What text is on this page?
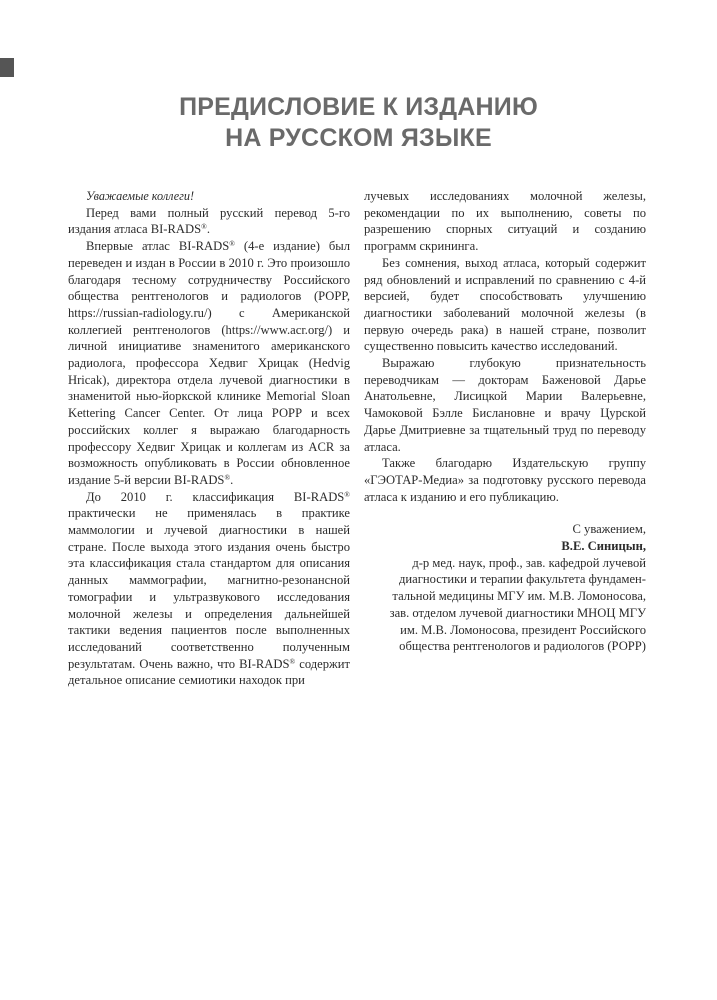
ПРЕДИСЛОВИЕ К ИЗДАНИЮ
НА РУССКОМ ЯЗЫКЕ

Уважаемые коллеги!

Перед вами полный русский перевод 5-го издания атласа BI-RADS®.

Впервые атлас BI-RADS® (4-е издание) был переведен и издан в России в 2010 г. Это произошло благодаря тесному сотрудничеству Российского общества рентгенологов и радиологов (РОРР, https://russian-radiology.ru/) с Американской коллегией рентгенологов (https://www.acr.org/) и личной инициативе знаменитого американского радиолога, профессора Хедвиг Хрицак (Hedvig Hricak), директора отдела лучевой диагностики в знаменитой нью-йоркской клинике Memorial Sloan Kettering Cancer Center. От лица РОРР и всех российских коллег я выражаю благодарность профессору Хедвиг Хрицак и коллегам из ACR за возможность опубликовать в России обновленное издание 5-й версии BI-RADS®.

До 2010 г. классификация BI-RADS® практически не применялась в практике маммологии и лучевой диагностики в нашей стране. После выхода этого издания очень быстро эта классификация стала стандартом для описания данных маммографии, магнитно-резонансной томографии и ультразвукового исследования молочной железы и определения дальнейшей тактики ведения пациентов после выполненных исследований соответственно полученным результатам. Очень важно, что BI-RADS® содержит детальное описание семиотики находок при

лучевых исследованиях молочной железы, рекомендации по их выполнению, советы по разрешению спорных ситуаций и созданию программ скрининга.

Без сомнения, выход атласа, который содержит ряд обновлений и исправлений по сравнению с 4-й версией, будет способствовать улучшению диагностики заболеваний молочной железы (в первую очередь рака) в нашей стране, позволит существенно повысить качество исследований.

Выражаю глубокую признательность переводчикам — докторам Баженовой Дарье Анатольевне, Лисицкой Марии Валерьевне, Чамоковой Бэлле Бислановне и врачу Цурской Дарье Дмитриевне за тщательный труд по переводу атласа.

Также благодарю Издательскую группу «ГЭОТАР-Медиа» за подготовку русского перевода атласа к изданию и его публикацию.

С уважением,
В.Е. Синицын,
д-р мед. наук, проф., зав. кафедрой лучевой
диагностики и терапии факультета фундамен-
тальной медицины МГУ им. М.В. Ломоносова,
зав. отделом лучевой диагностики МНОЦ МГУ
им. М.В. Ломоносова, президент Российского
общества рентгенологов и радиологов (РОРР)
